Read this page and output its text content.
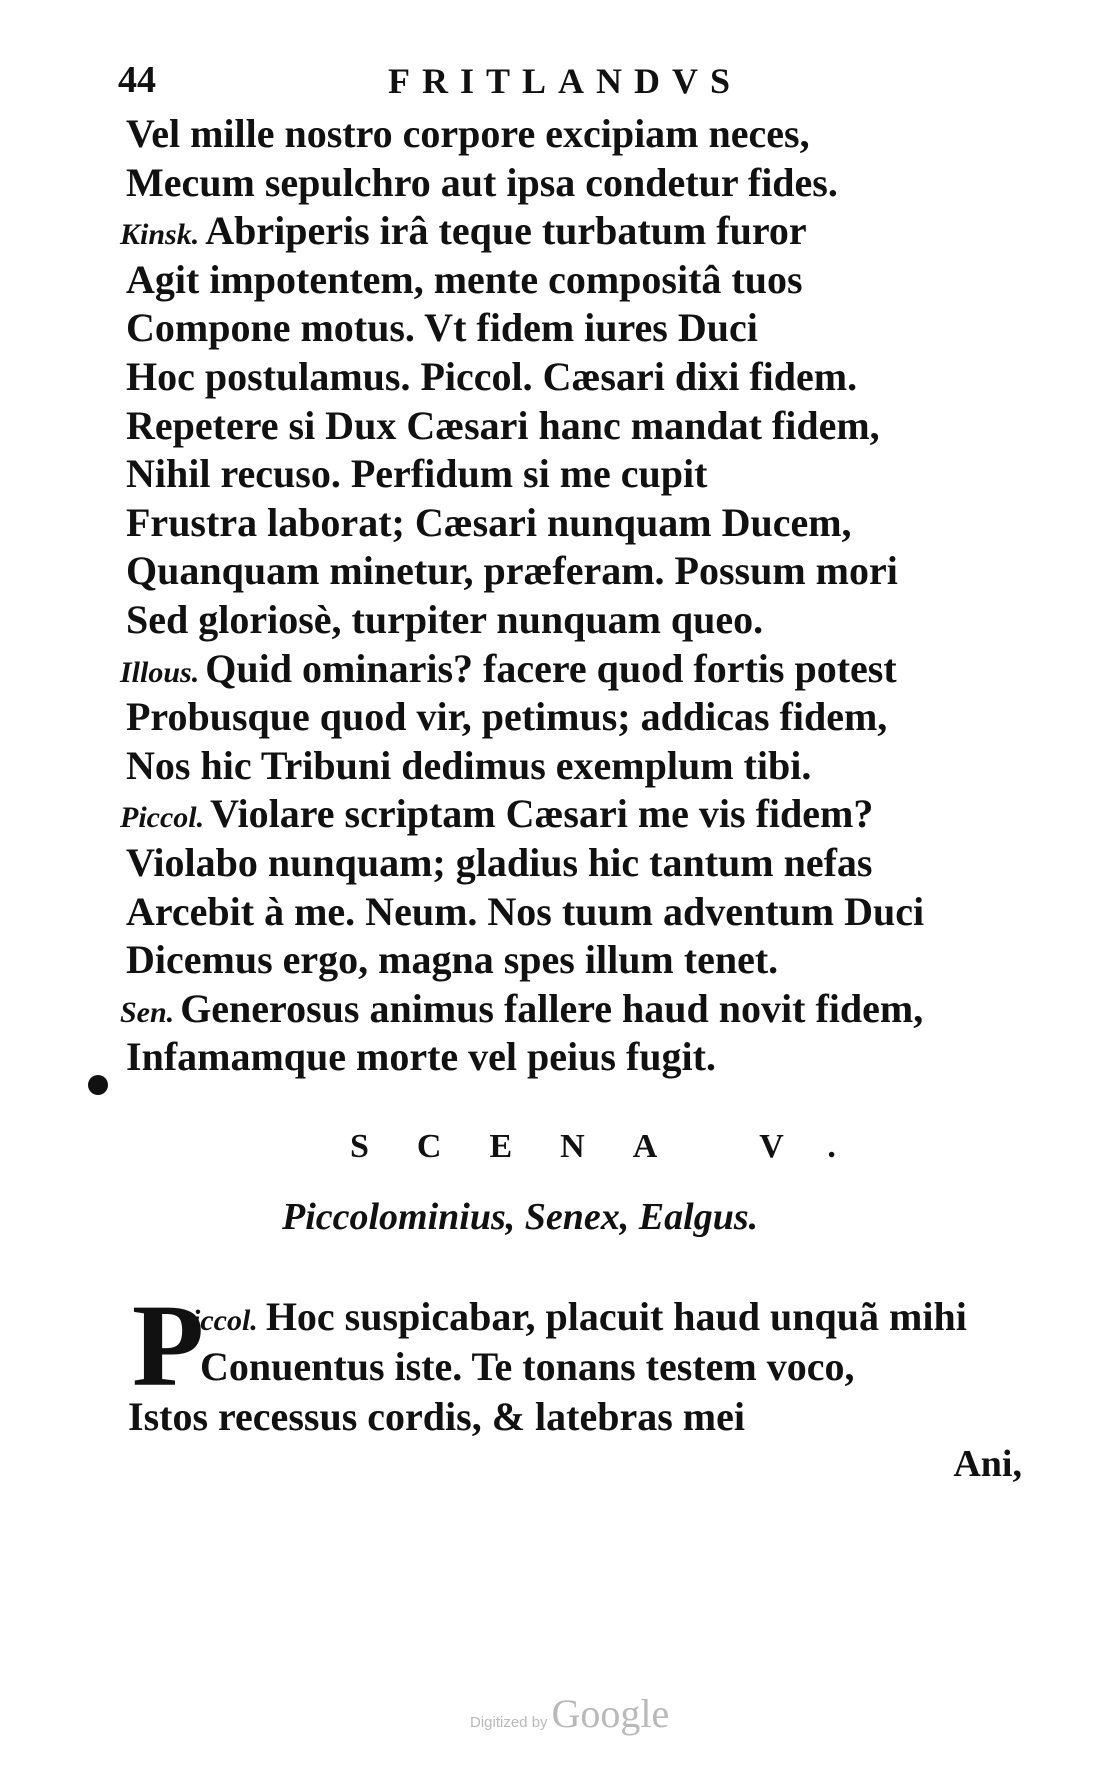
44	FRITLANDVS
Vel mille nostro corpore excipiam neces,
Mecum sepulchro aut ipsa condetur fides.
Kinsk. Abriperis irâ teque turbatum furor
Agit impotentem, mente compositâ tuos
Compone motus. Vt fidem iures Duci
Hoc postulamus. Piccol. Cæsari dixi fidem.
Repetere si Dux Cæsari hanc mandat fidem,
Nihil recuso. Perfidum si me cupit
Frustra laborat; Cæsari nunquam Ducem,
Quanquam minetur, præferam. Possum mori
Sed gloriosè, turpiter nunquam queo.
Illous. Quid ominaris? facere quod fortis potest
Probusque quod vir, petimus; addicas fidem,
Nos hic Tribuni dedimus exemplum tibi.
Piccol. Violare scriptam Cæsari me vis fidem?
Violabo nunquam; gladius hic tantum nefas
Arcebit à me. Neum. Nos tuum adventum Duci
Dicemus ergo, magna spes illum tenet.
Sen. Generosus animus fallere haud novit fidem,
Infamamque morte vel peius fugit.
SCENA V.
Piccolominius, Senex, Ealgus.
P
iccol. Hoc suspicabar, placuit haud unquã mihi
Conuentus iste. Te tonans testem voco,
Istos recessus cordis, & latebras mei
Ani,
Digitized by Google
